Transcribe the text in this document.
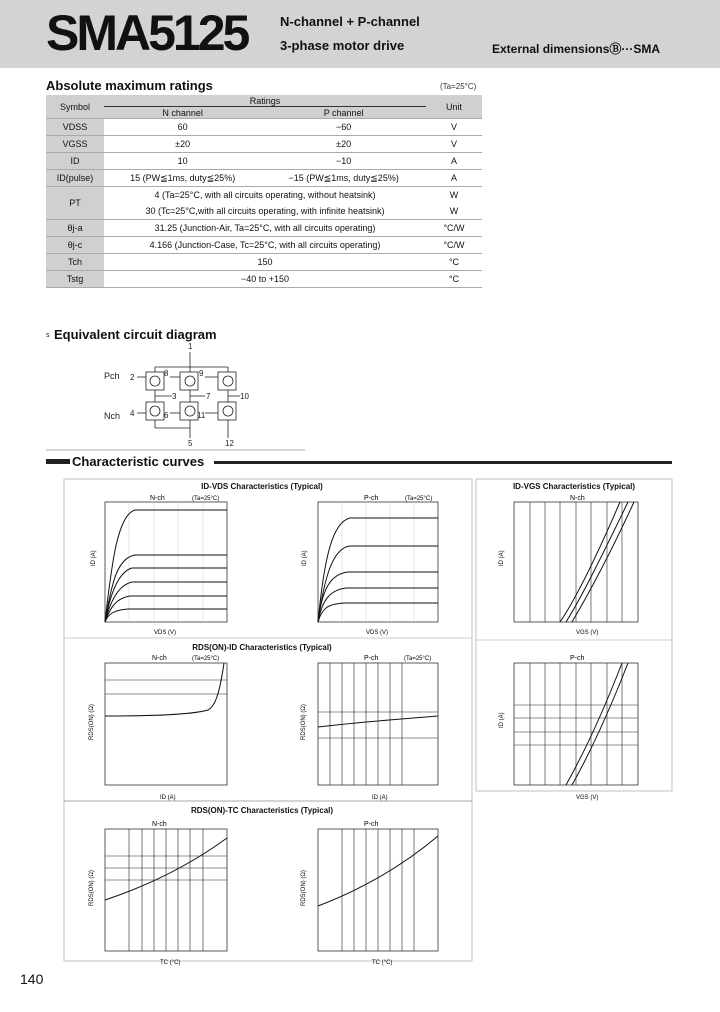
SMA5125	N-channel + P-channel
3-phase motor drive	External dimensionsⒷ···SMA
Absolute maximum ratings	(Ta=25°C)
Symbol	Ratings		Unit
	N channel	P channel	
VDSS	60	−60	V
VGSS	±20	±20	V
ID	10	−10	A
ID(pulse)	15 (PW≦1ms, duty≦25%)	−15 (PW≦1ms, duty≦25%)	A
PT	4 (Ta=25°C, with all circuits operating, without heatsink)		W
	30 (Tc=25°C,with all circuits operating, with infinite heatsink)		W
θj-a	31.25 (Junction-Air, Ta=25°C, with all circuits operating)		°C/W
θj-c	4.166 (Junction-Case, Tc=25°C, with all circuits operating)		°C/W
Tch	150		°C
Tstg	−40 to +150		°C
s Equivalent circuit diagram
Pch
Nch
1
2
4
8	9
3	7	10
6	11
5	12
ID-VDS Characteristics (Typical)	ID-VGS Characteristics (Typical)
RDS(ON)-ID Characteristics (Typical)
RDS(ON)-TC Characteristics (Typical)
N-ch	(Ta=25°C)
VDS (V)
ID (A)
P-ch	(Ta=25°C)
VDS (V)
ID (A)
N-ch
VGS (V)
ID (A)
N-ch	(Ta=25°C)
ID (A)
RDS(ON) (Ω)
P-ch	(Ta=25°C)
ID (A)
RDS(ON) (Ω)
P-ch
VGS (V)
ID (A)
N-ch
TC (°C)
RDS(ON) (Ω)
P-ch
TC (°C)
RDS(ON) (Ω)
Characteristic curves
140
